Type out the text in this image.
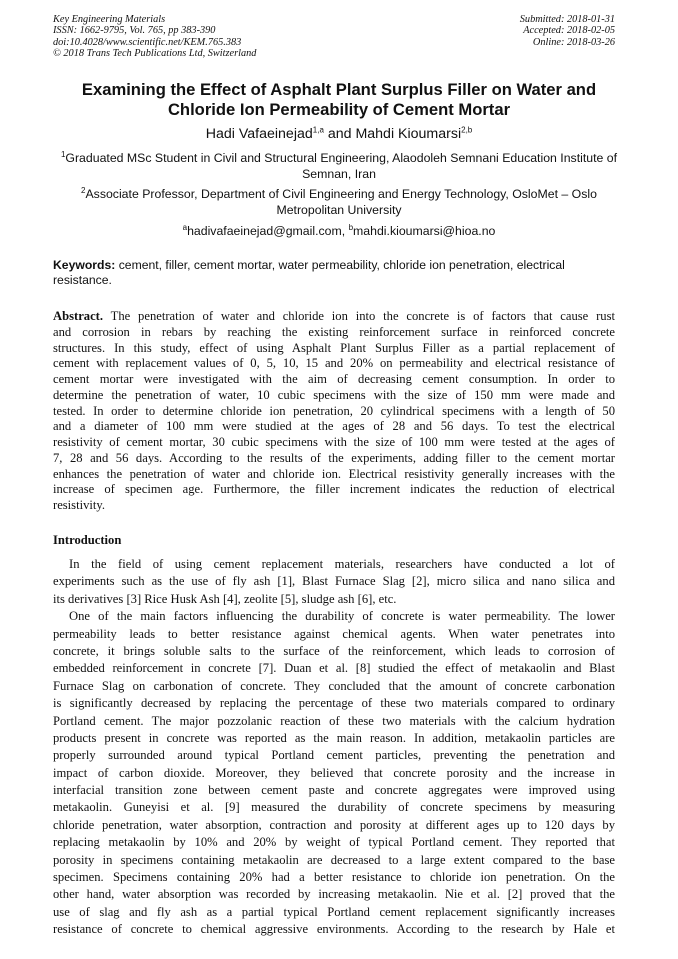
Key Engineering Materials
ISSN: 1662-9795, Vol. 765, pp 383-390
doi:10.4028/www.scientific.net/KEM.765.383
© 2018 Trans Tech Publications Ltd, Switzerland
Submitted: 2018-01-31
Accepted: 2018-02-05
Online: 2018-03-26
Examining the Effect of Asphalt Plant Surplus Filler on Water and
Chloride Ion Permeability of Cement Mortar
Hadi Vafaeinejad$^{1,a}$ and Mahdi Kioumarsi$^{2,b}$
$^1$Graduated MSc Student in Civil and Structural Engineering, Alaodoleh Semnani Education Institute of Semnan, Iran
$^2$Associate Professor, Department of Civil Engineering and Energy Technology, OsloMet – Oslo Metropolitan University
$^a$hadivafaeinejad@gmail.com, $^b$mahdi.kioumarsi@hioa.no
Keywords: cement, filler, cement mortar, water permeability, chloride ion penetration, electrical resistance.
Abstract. The penetration of water and chloride ion into the concrete is of factors that cause rust
and corrosion in rebars by reaching the existing reinforcement surface in reinforced concrete
structures. In this study, effect of using Asphalt Plant Surplus Filler as a partial replacement of
cement with replacement values of 0, 5, 10, 15 and 20% on permeability and electrical resistance of
cement mortar were investigated with the aim of decreasing cement consumption. In order to
determine the penetration of water, 10 cubic specimens with the size of 150 mm were made and
tested. In order to determine chloride ion penetration, 20 cylindrical specimens with a length of 50
and a diameter of 100 mm were studied at the ages of 28 and 56 days. To test the electrical
resistivity of cement mortar, 30 cubic specimens with the size of 100 mm were tested at the ages of
7, 28 and 56 days. According to the results of the experiments, adding filler to the cement mortar
enhances the penetration of water and chloride ion. Electrical resistivity generally increases with the
increase of specimen age. Furthermore, the filler increment indicates the reduction of electrical
resistivity.
Introduction
In the field of using cement replacement materials, researchers have conducted a lot of
experiments such as the use of fly ash [1], Blast Furnace Slag [2], micro silica and nano silica and
its derivatives [3] Rice Husk Ash [4], zeolite [5], sludge ash [6], etc.
One of the main factors influencing the durability of concrete is water permeability. The lower
permeability leads to better resistance against chemical agents. When water penetrates into
concrete, it brings soluble salts to the surface of the reinforcement, which leads to corrosion of
embedded reinforcement in concrete [7]. Duan et al. [8] studied the effect of metakaolin and Blast
Furnace Slag on carbonation of concrete. They concluded that the amount of concrete carbonation
is significantly decreased by replacing the percentage of these two materials compared to ordinary
Portland cement. The major pozzolanic reaction of these two materials with the calcium hydration
products present in concrete was reported as the main reason. In addition, metakaolin particles are
properly surrounded around typical Portland cement particles, preventing the penetration and
impact of carbon dioxide. Moreover, they believed that concrete porosity and the increase in
interfacial transition zone between cement paste and concrete aggregates were improved using
metakaolin. Guneyisi et al. [9] measured the durability of concrete specimens by measuring
chloride penetration, water absorption, contraction and porosity at different ages up to 120 days by
replacing metakaolin by 10% and 20% by weight of typical Portland cement. They reported that
porosity in specimens containing metakaolin are decreased to a large extent compared to the base
specimen. Specimens containing 20% had a better resistance to chloride ion penetration. On the
other hand, water absorption was recorded by increasing metakaolin. Nie et al. [2] proved that the
use of slag and fly ash as a partial typical Portland cement replacement significantly increases
resistance of concrete to chemical aggressive environments. According to the research by Hale et
